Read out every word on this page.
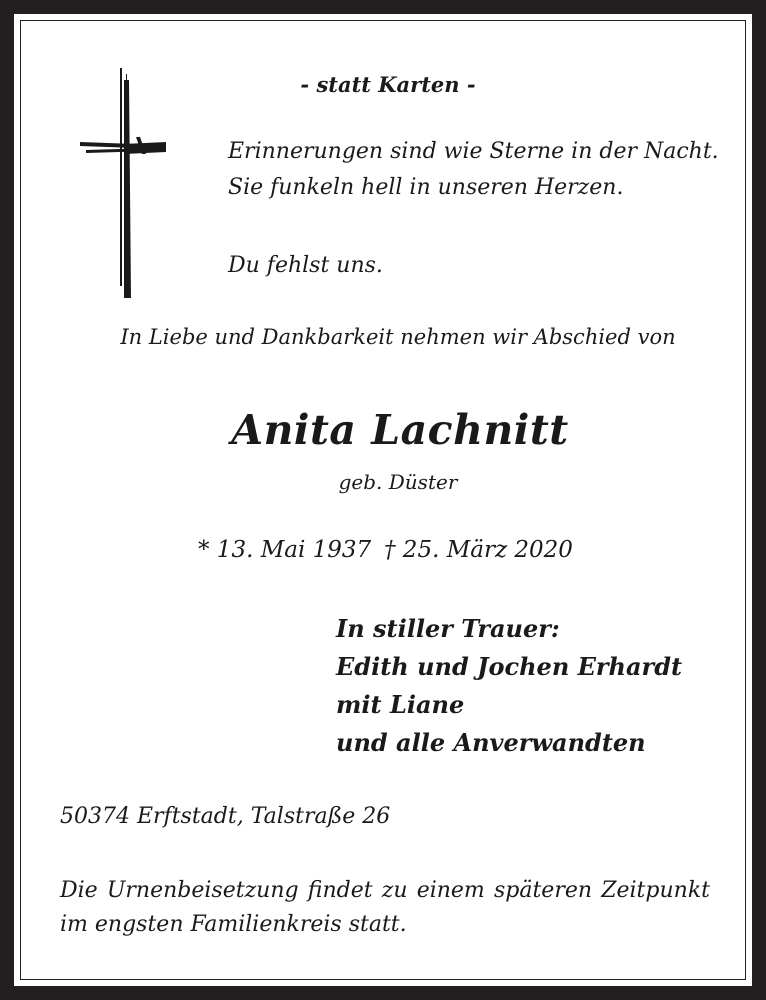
- statt Karten -

Erinnerungen sind wie Sterne in der Nacht.

Sie funkeln hell in unseren Herzen.

Du fehlst uns.

In Liebe und Dankbarkeit nehmen wir Abschied von

Anita Lachnitt

geb. Düster

* 13. Mai 1937 † 25. März 2020

In stiller Trauer:
Edith und Jochen Erhardt
mit Liane
und alle Anverwandten

50374 Erftstadt, Talstraße 26

Die Urnenbeisetzung findet zu einem späteren Zeitpunkt im engsten Familienkreis statt.
